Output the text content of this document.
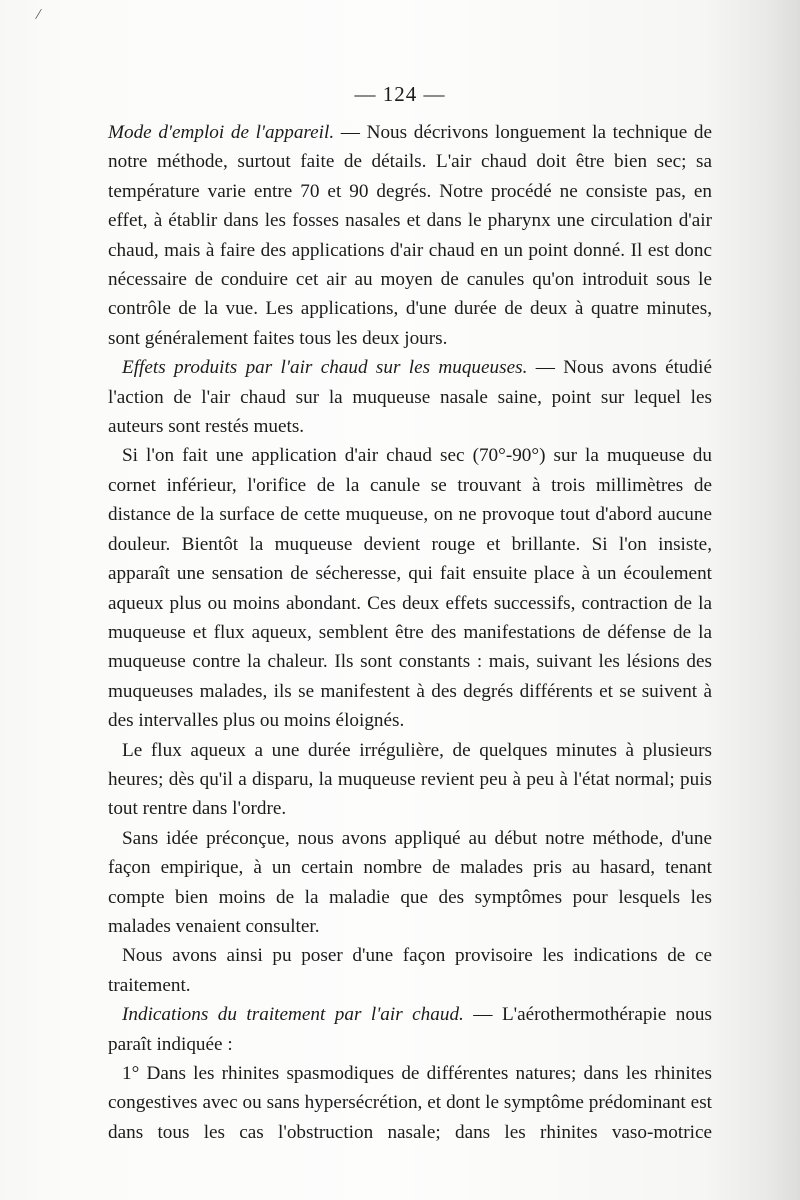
/
— 124 —

Mode d'emploi de l'appareil. — Nous décrivons longuement la technique de notre méthode, surtout faite de détails. L'air chaud doit être bien sec; sa température varie entre 70 et 90 degrés. Notre procédé ne consiste pas, en effet, à établir dans les fosses nasales et dans le pharynx une circulation d'air chaud, mais à faire des applications d'air chaud en un point donné. Il est donc nécessaire de conduire cet air au moyen de canules qu'on introduit sous le contrôle de la vue. Les applications, d'une durée de deux à quatre minutes, sont généralement faites tous les deux jours.

Effets produits par l'air chaud sur les muqueuses. — Nous avons étudié l'action de l'air chaud sur la muqueuse nasale saine, point sur lequel les auteurs sont restés muets.

Si l'on fait une application d'air chaud sec (70°-90°) sur la muqueuse du cornet inférieur, l'orifice de la canule se trouvant à trois millimètres de distance de la surface de cette muqueuse, on ne provoque tout d'abord aucune douleur. Bientôt la muqueuse devient rouge et brillante. Si l'on insiste, apparaît une sensation de sécheresse, qui fait ensuite place à un écoulement aqueux plus ou moins abondant. Ces deux effets successifs, contraction de la muqueuse et flux aqueux, semblent être des manifestations de défense de la muqueuse contre la chaleur. Ils sont constants : mais, suivant les lésions des muqueuses malades, ils se manifestent à des degrés différents et se suivent à des intervalles plus ou moins éloignés.

Le flux aqueux a une durée irrégulière, de quelques minutes à plusieurs heures; dès qu'il a disparu, la muqueuse revient peu à peu à l'état normal; puis tout rentre dans l'ordre.

Sans idée préconçue, nous avons appliqué au début notre méthode, d'une façon empirique, à un certain nombre de malades pris au hasard, tenant compte bien moins de la maladie que des symptômes pour lesquels les malades venaient consulter.

Nous avons ainsi pu poser d'une façon provisoire les indications de ce traitement.

Indications du traitement par l'air chaud. — L'aérothermothérapie nous paraît indiquée :

1° Dans les rhinites spasmodiques de différentes natures; dans les rhinites congestives avec ou sans hypersécrétion, et dont le symptôme prédominant est dans tous les cas l'obstruction nasale; dans les rhinites vaso-motrice
